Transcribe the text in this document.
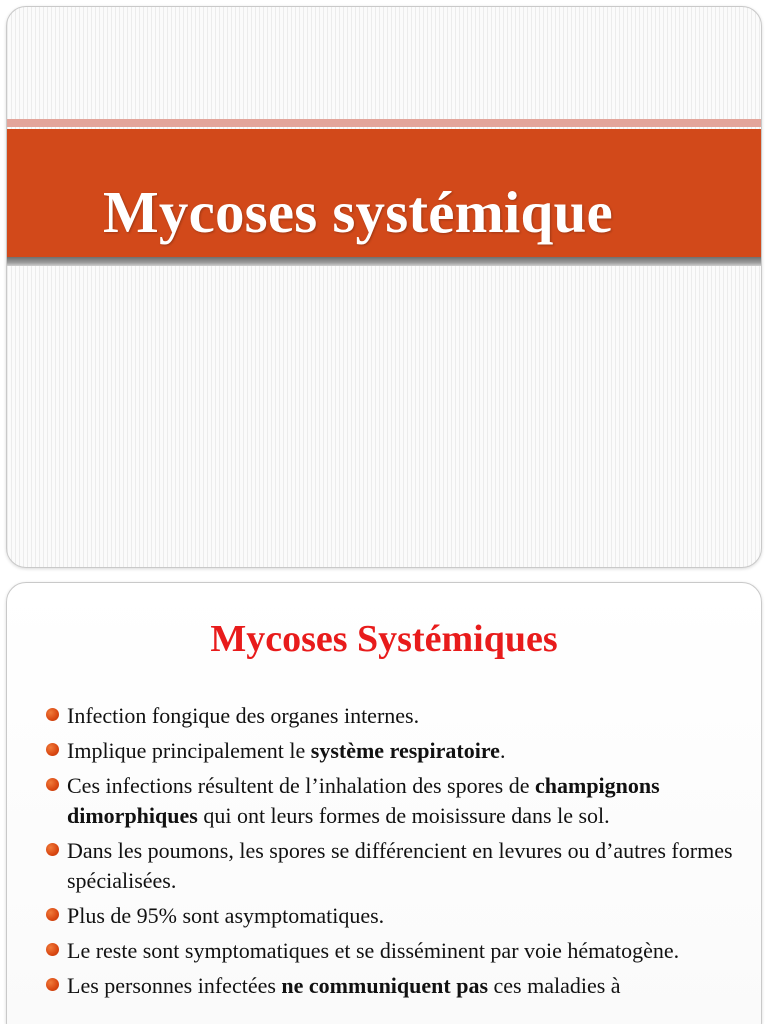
Mycoses systémique
Mycoses Systémiques
Infection fongique des organes internes.
Implique principalement le système respiratoire.
Ces infections résultent de l’inhalation des spores de champignons dimorphiques qui ont leurs formes de moisissure dans le sol.
Dans les poumons, les spores se différencient en levures ou d’autres formes spécialisées.
Plus de 95% sont asymptomatiques.
Le reste sont symptomatiques et se disséminent par voie hématogène.
Les personnes infectées ne communiquent pas ces maladies à
